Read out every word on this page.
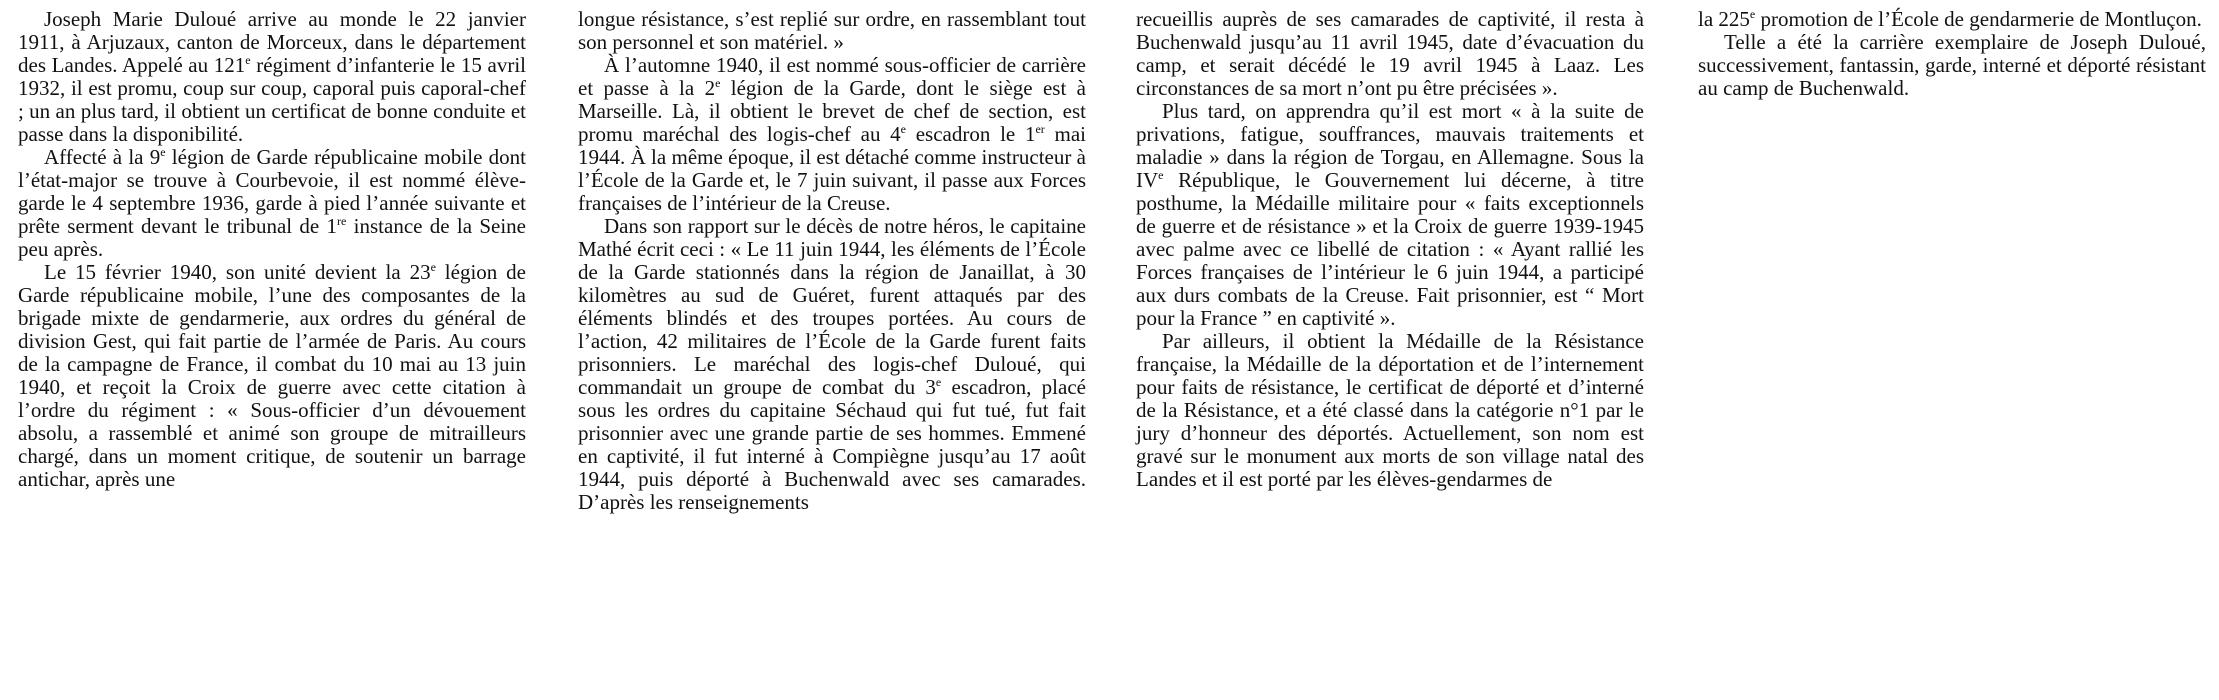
Joseph Marie Duloué arrive au monde le 22 janvier 1911, à Arjuzaux, canton de Morceux, dans le département des Landes. Appelé au 121e régiment d’infanterie le 15 avril 1932, il est promu, coup sur coup, caporal puis caporal-chef ; un an plus tard, il obtient un certificat de bonne conduite et passe dans la disponibilité.

Affecté à la 9e légion de Garde républicaine mobile dont l’état-major se trouve à Courbevoie, il est nommé élève-garde le 4 septembre 1936, garde à pied l’année suivante et prête serment devant le tribunal de 1re instance de la Seine peu après.

Le 15 février 1940, son unité devient la 23e légion de Garde républicaine mobile, l’une des composantes de la brigade mixte de gendarmerie, aux ordres du général de division Gest, qui fait partie de l’armée de Paris. Au cours de la campagne de France, il combat du 10 mai au 13 juin 1940, et reçoit la Croix de guerre avec cette citation à l’ordre du régiment : « Sous-officier d’un dévouement absolu, a rassemblé et animé son groupe de mitrailleurs chargé, dans un moment critique, de soutenir un barrage antichar, après une

longue résistance, s’est replié sur ordre, en rassemblant tout son personnel et son matériel. »

À l’automne 1940, il est nommé sous-officier de carrière et passe à la 2e légion de la Garde, dont le siège est à Marseille. Là, il obtient le brevet de chef de section, est promu maréchal des logis-chef au 4e escadron le 1er mai 1944. À la même époque, il est détaché comme instructeur à l’École de la Garde et, le 7 juin suivant, il passe aux Forces françaises de l’intérieur de la Creuse.

Dans son rapport sur le décès de notre héros, le capitaine Mathé écrit ceci : « Le 11 juin 1944, les éléments de l’École de la Garde stationnés dans la région de Janaillat, à 30 kilomètres au sud de Guéret, furent attaqués par des éléments blindés et des troupes portées. Au cours de l’action, 42 militaires de l’École de la Garde furent faits prisonniers. Le maréchal des logis-chef Duloué, qui commandait un groupe de combat du 3e escadron, placé sous les ordres du capitaine Séchaud qui fut tué, fut fait prisonnier avec une grande partie de ses hommes. Emmené en captivité, il fut interné à Compiègne jusqu’au 17 août 1944, puis déporté à Buchenwald avec ses camarades. D’après les renseignements

recueillis auprès de ses camarades de captivité, il resta à Buchenwald jusqu’au 11 avril 1945, date d’évacuation du camp, et serait décédé le 19 avril 1945 à Laaz. Les circonstances de sa mort n’ont pu être précisées ».

Plus tard, on apprendra qu’il est mort « à la suite de privations, fatigue, souffrances, mauvais traitements et maladie » dans la région de Torgau, en Allemagne. Sous la IVe République, le Gouvernement lui décerne, à titre posthume, la Médaille militaire pour « faits exceptionnels de guerre et de résistance » et la Croix de guerre 1939-1945 avec palme avec ce libellé de citation : « Ayant rallié les Forces françaises de l’intérieur le 6 juin 1944, a participé aux durs combats de la Creuse. Fait prisonnier, est “ Mort pour la France ” en captivité ».

Par ailleurs, il obtient la Médaille de la Résistance française, la Médaille de la déportation et de l’internement pour faits de résistance, le certificat de déporté et d’interné de la Résistance, et a été classé dans la catégorie n°1 par le jury d’honneur des déportés. Actuellement, son nom est gravé sur le monument aux morts de son village natal des Landes et il est porté par les élèves-gendarmes de

la 225e promotion de l’École de gendarmerie de Montluçon.

Telle a été la carrière exemplaire de Joseph Duloué, successivement, fantassin, garde, interné et déporté résistant au camp de Buchenwald.
